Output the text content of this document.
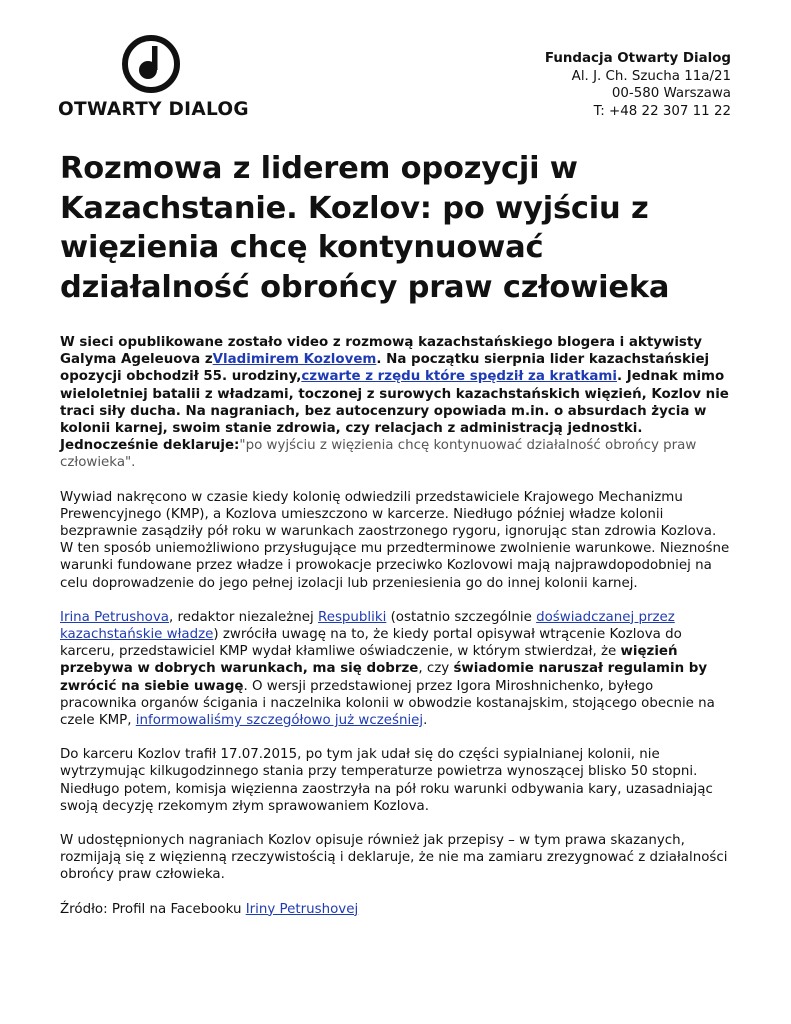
OTWARTY DIALOG
Fundacja Otwarty Dialog
Al. J. Ch. Szucha 11a/21
00-580 Warszawa
T: +48 22 307 11 22
Rozmowa z liderem opozycji w Kazachstanie. Kozlov: po wyjściu z więzienia chcę kontynuować działalność obrońcy praw człowieka

W sieci opublikowane zostało video z rozmową kazachstańskiego blogera i aktywisty Galyma Ageleuova zVladimirem Kozlovem. Na początku sierpnia lider kazachstańskiej opozycji obchodził 55. urodziny,czwarte z rzędu które spędził za kratkami. Jednak mimo wieloletniej batalii z władzami, toczonej z surowych kazachstańskich więzień, Kozlov nie traci siły ducha. Na nagraniach, bez autocenzury opowiada m.in. o absurdach życia w kolonii karnej, swoim stanie zdrowia, czy relacjach z administracją jednostki. Jednocześnie deklaruje:"po wyjściu z więzienia chcę kontynuować działalność obrońcy praw człowieka".

Wywiad nakręcono w czasie kiedy kolonię odwiedzili przedstawiciele Krajowego Mechanizmu Prewencyjnego (KMP), a Kozlova umieszczono w karcerze. Niedługo później władze kolonii bezprawnie zasądziły pół roku w warunkach zaostrzonego rygoru, ignorując stan zdrowia Kozlova. W ten sposób uniemożliwiono przysługujące mu przedterminowe zwolnienie warunkowe. Nieznośne warunki fundowane przez władze i prowokacje przeciwko Kozlovowi mają najprawdopodobniej na celu doprowadzenie do jego pełnej izolacji lub przeniesienia go do innej kolonii karnej.

Irina Petrushova, redaktor niezależnej Respubliki (ostatnio szczególnie doświadczanej przez kazachstańskie władze) zwróciła uwagę na to, że kiedy portal opisywał wtrącenie Kozlova do karceru, przedstawiciel KMP wydał kłamliwe oświadczenie, w którym stwierdzał, że więzień przebywa w dobrych warunkach, ma się dobrze, czy świadomie naruszał regulamin by zwrócić na siebie uwagę. O wersji przedstawionej przez Igora Miroshnichenko, byłego pracownika organów ścigania i naczelnika kolonii w obwodzie kostanajskim, stojącego obecnie na czele KMP, informowaliśmy szczegółowo już wcześniej.

Do karceru Kozlov trafił 17.07.2015, po tym jak udał się do części sypialnianej kolonii, nie wytrzymując kilkugodzinnego stania przy temperaturze powietrza wynoszącej blisko 50 stopni. Niedługo potem, komisja więzienna zaostrzyła na pół roku warunki odbywania kary, uzasadniając swoją decyzję rzekomym złym sprawowaniem Kozlova.

W udostępnionych nagraniach Kozlov opisuje również jak przepisy – w tym prawa skazanych, rozmijają się z więzienną rzeczywistością i deklaruje, że nie ma zamiaru zrezygnować z działalności obrońcy praw człowieka.

Źródło: Profil na Facebooku Iriny Petrushovej
